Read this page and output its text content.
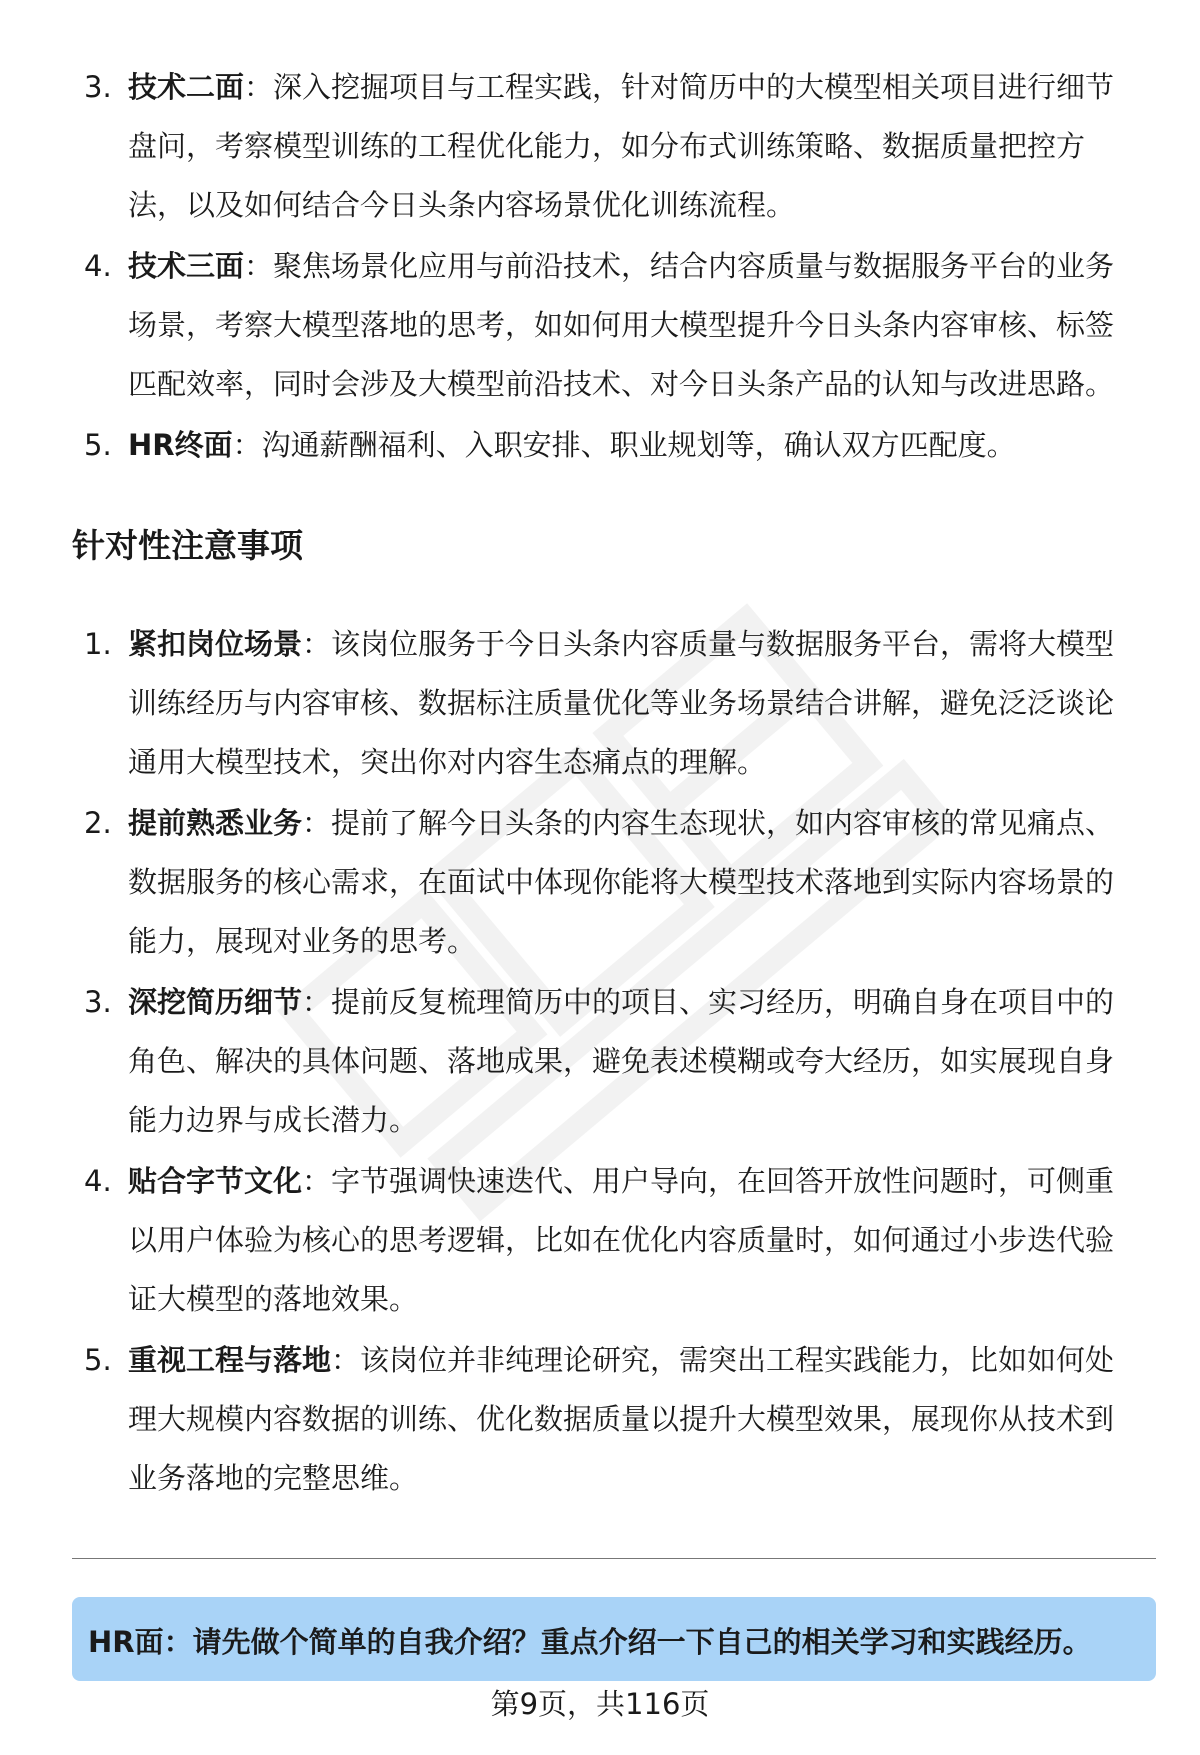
3. 技术二面：深入挖掘项目与工程实践，针对简历中的大模型相关项目进行细节
盘问，考察模型训练的工程优化能力，如分布式训练策略、数据质量把控方
法，以及如何结合今日头条内容场景优化训练流程。
4. 技术三面：聚焦场景化应用与前沿技术，结合内容质量与数据服务平台的业务
场景，考察大模型落地的思考，如如何用大模型提升今日头条内容审核、标签
匹配效率，同时会涉及大模型前沿技术、对今日头条产品的认知与改进思路。
5. HR终面：沟通薪酬福利、入职安排、职业规划等，确认双方匹配度。
针对性注意事项
1. 紧扣岗位场景：该岗位服务于今日头条内容质量与数据服务平台，需将大模型
训练经历与内容审核、数据标注质量优化等业务场景结合讲解，避免泛泛谈论
通用大模型技术，突出你对内容生态痛点的理解。
2. 提前熟悉业务：提前了解今日头条的内容生态现状，如内容审核的常见痛点、
数据服务的核心需求，在面试中体现你能将大模型技术落地到实际内容场景的
能力，展现对业务的思考。
3. 深挖简历细节：提前反复梳理简历中的项目、实习经历，明确自身在项目中的
角色、解决的具体问题、落地成果，避免表述模糊或夸大经历，如实展现自身
能力边界与成长潜力。
4. 贴合字节文化：字节强调快速迭代、用户导向，在回答开放性问题时，可侧重
以用户体验为核心的思考逻辑，比如在优化内容质量时，如何通过小步迭代验
证大模型的落地效果。
5. 重视工程与落地：该岗位并非纯理论研究，需突出工程实践能力，比如如何处
理大规模内容数据的训练、优化数据质量以提升大模型效果，展现你从技术到
业务落地的完整思维。
HR面：请先做个简单的自我介绍？重点介绍一下自己的相关学习和实践经历。
第9页，共116页
